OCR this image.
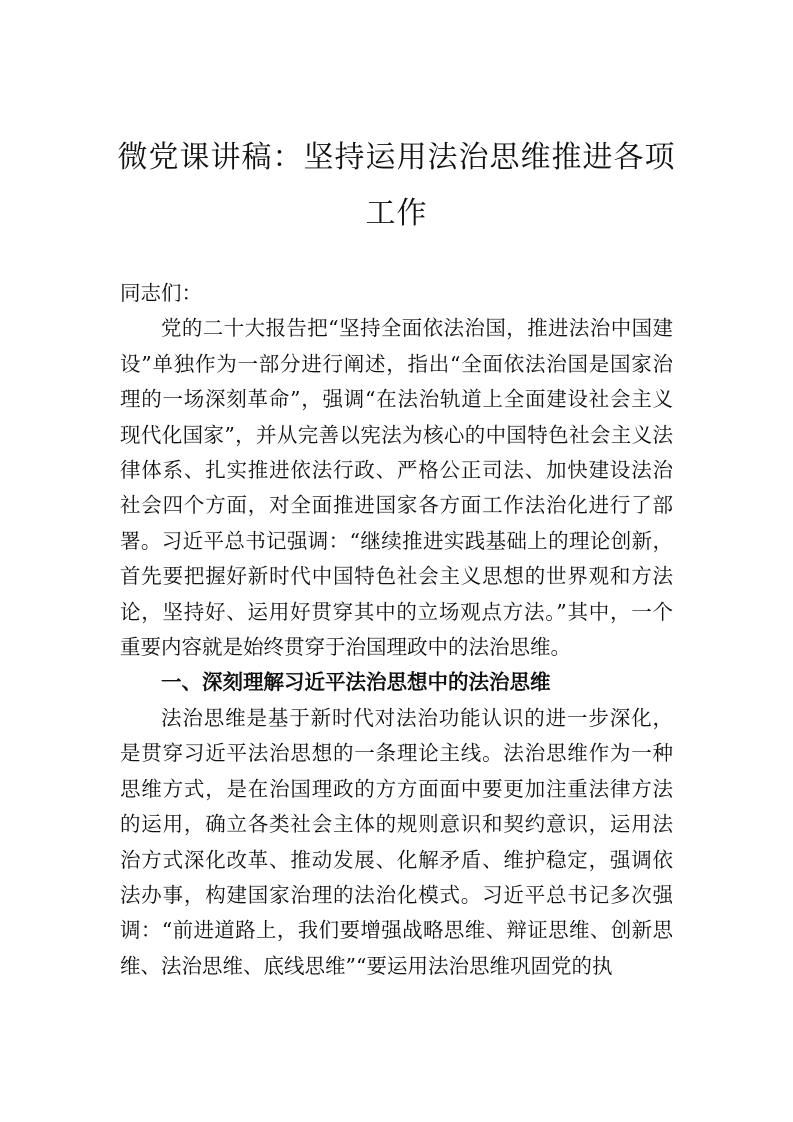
微党课讲稿：坚持运用法治思维推进各项工作

同志们：

党的二十大报告把“坚持全面依法治国，推进法治中国建设”单独作为一部分进行阐述，指出“全面依法治国是国家治理的一场深刻革命”，强调“在法治轨道上全面建设社会主义现代化国家”，并从完善以宪法为核心的中国特色社会主义法律体系、扎实推进依法行政、严格公正司法、加快建设法治社会四个方面，对全面推进国家各方面工作法治化进行了部署。习近平总书记强调：“继续推进实践基础上的理论创新，首先要把握好新时代中国特色社会主义思想的世界观和方法论，坚持好、运用好贯穿其中的立场观点方法。”其中，一个重要内容就是始终贯穿于治国理政中的法治思维。

一、深刻理解习近平法治思想中的法治思维

法治思维是基于新时代对法治功能认识的进一步深化，是贯穿习近平法治思想的一条理论主线。法治思维作为一种思维方式，是在治国理政的方方面面中要更加注重法律方法的运用，确立各类社会主体的规则意识和契约意识，运用法治方式深化改革、推动发展、化解矛盾、维护稳定，强调依法办事，构建国家治理的法治化模式。习近平总书记多次强调：“前进道路上，我们要增强战略思维、辩证思维、创新思维、法治思维、底线思维”“要运用法治思维巩固党的执
